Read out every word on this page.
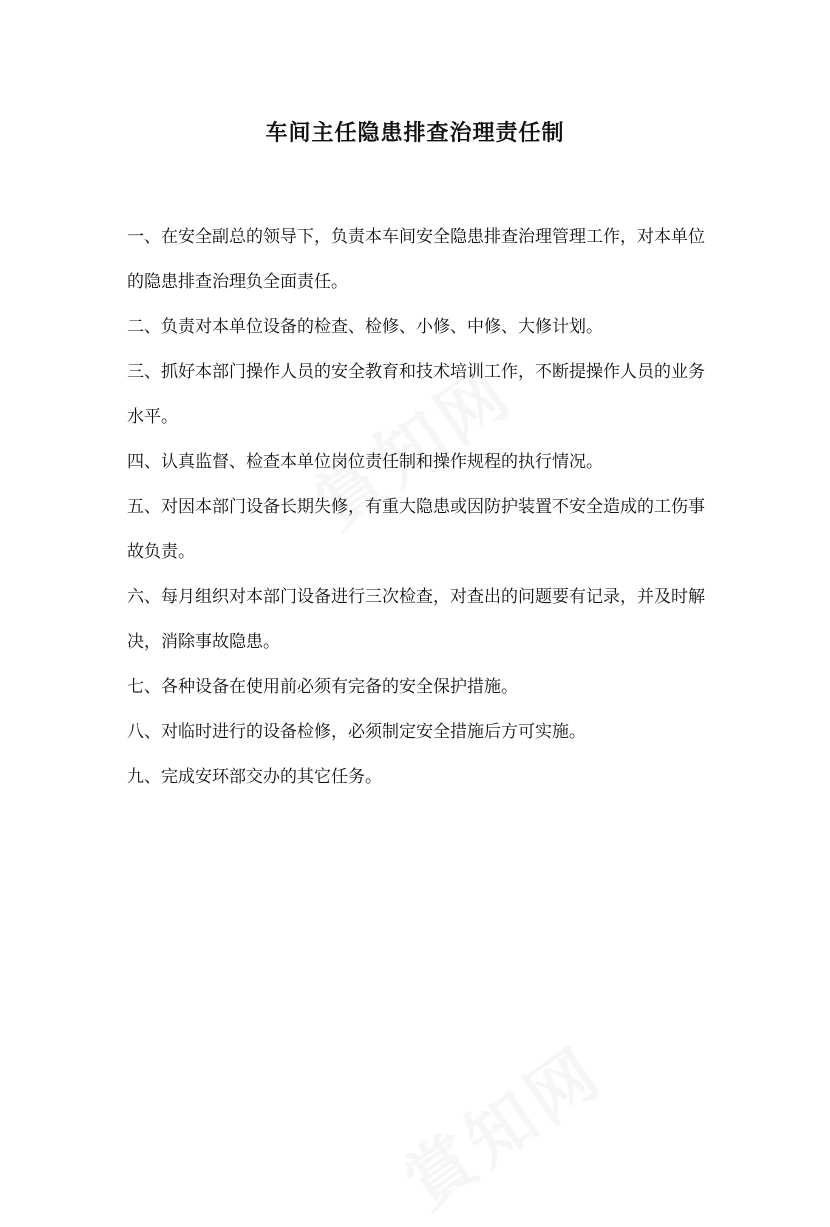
车间主任隐患排查治理责任制

一、在安全副总的领导下，负责本车间安全隐患排查治理管理工作，对本单位的隐患排查治理负全面责任。

二、负责对本单位设备的检查、检修、小修、中修、大修计划。

三、抓好本部门操作人员的安全教育和技术培训工作，不断提操作人员的业务水平。

四、认真监督、检查本单位岗位责任制和操作规程的执行情况。

五、对因本部门设备长期失修，有重大隐患或因防护装置不安全造成的工伤事故负责。

六、每月组织对本部门设备进行三次检查，对查出的问题要有记录，并及时解决，消除事故隐患。

七、各种设备在使用前必须有完备的安全保护措施。

八、对临时进行的设备检修，必须制定安全措施后方可实施。

九、完成安环部交办的其它任务。
